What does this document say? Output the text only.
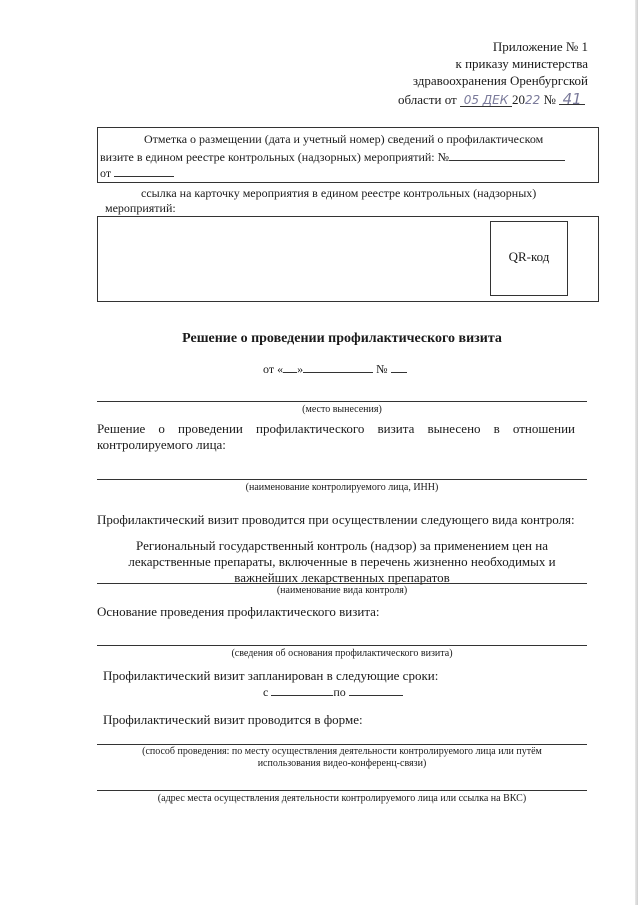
Приложение № 1
к приказу министерства
здравоохранения Оренбургской
области от 05 ДЕК 2022 № 41
Отметка о размещении (дата и учетный номер) сведений о профилактическом
визите в едином реестре контрольных (надзорных) мероприятий: №
от
ссылка на карточку мероприятия в едином реестре контрольных (надзорных)
мероприятий:
QR-код
Решение о проведении профилактического визита
от « »	№
(место вынесения)
Решение о проведении профилактического визита вынесено в отношении
контролируемого лица:
(наименование контролируемого лица, ИНН)
Профилактический визит проводится при осуществлении следующего вида контроля:
Региональный государственный контроль (надзор) за применением цен на
лекарственные препараты, включенные в перечень жизненно необходимых и
важнейших лекарственных препаратов
(наименование вида контроля)
Основание проведения профилактического визита:
(сведения об основания профилактического визита)
Профилактический визит запланирован в следующие сроки:
с	по
Профилактический визит проводится в форме:
(способ проведения: по месту осуществления деятельности контролируемого лица или путём
использования видео-конференц-связи)
(адрес места осуществления деятельности контролируемого лица или ссылка на ВКС)
